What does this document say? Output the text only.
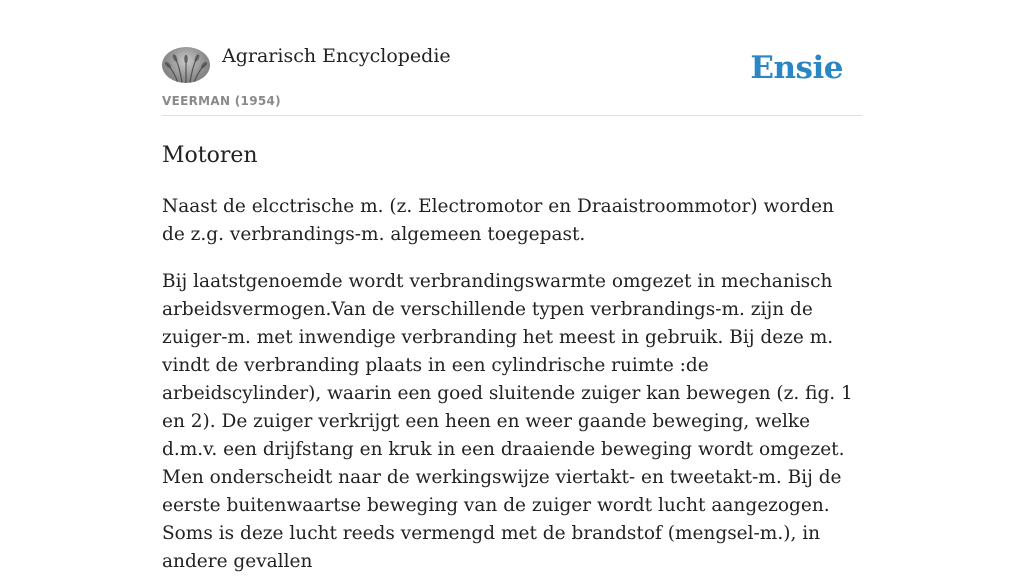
Agrarisch Encyclopedie	Ensie
VEERMAN (1954)
Motoren

Naast de elcctrische m. (z. Electromotor en Draaistroommotor) worden de z.g. verbrandings-m. algemeen toegepast.

Bij laatstgenoemde wordt verbrandingswarmte omgezet in mechanisch arbeidsvermogen.Van de verschillende typen verbrandings-m. zijn de zuiger-m. met inwendige verbranding het meest in gebruik. Bij deze m. vindt de verbranding plaats in een cylindrische ruimte :de arbeidscylinder), waarin een goed sluitende zuiger kan bewegen (z. fig. 1 en 2). De zuiger verkrijgt een heen en weer gaande beweging, welke d.m.v. een drijfstang en kruk in een draaiende beweging wordt omgezet. Men onderscheidt naar de werkingswijze viertakt- en tweetakt-m. Bij de eerste buitenwaartse beweging van de zuiger wordt lucht aangezogen. Soms is deze lucht reeds vermengd met de brandstof (mengsel-m.), in andere gevallen
